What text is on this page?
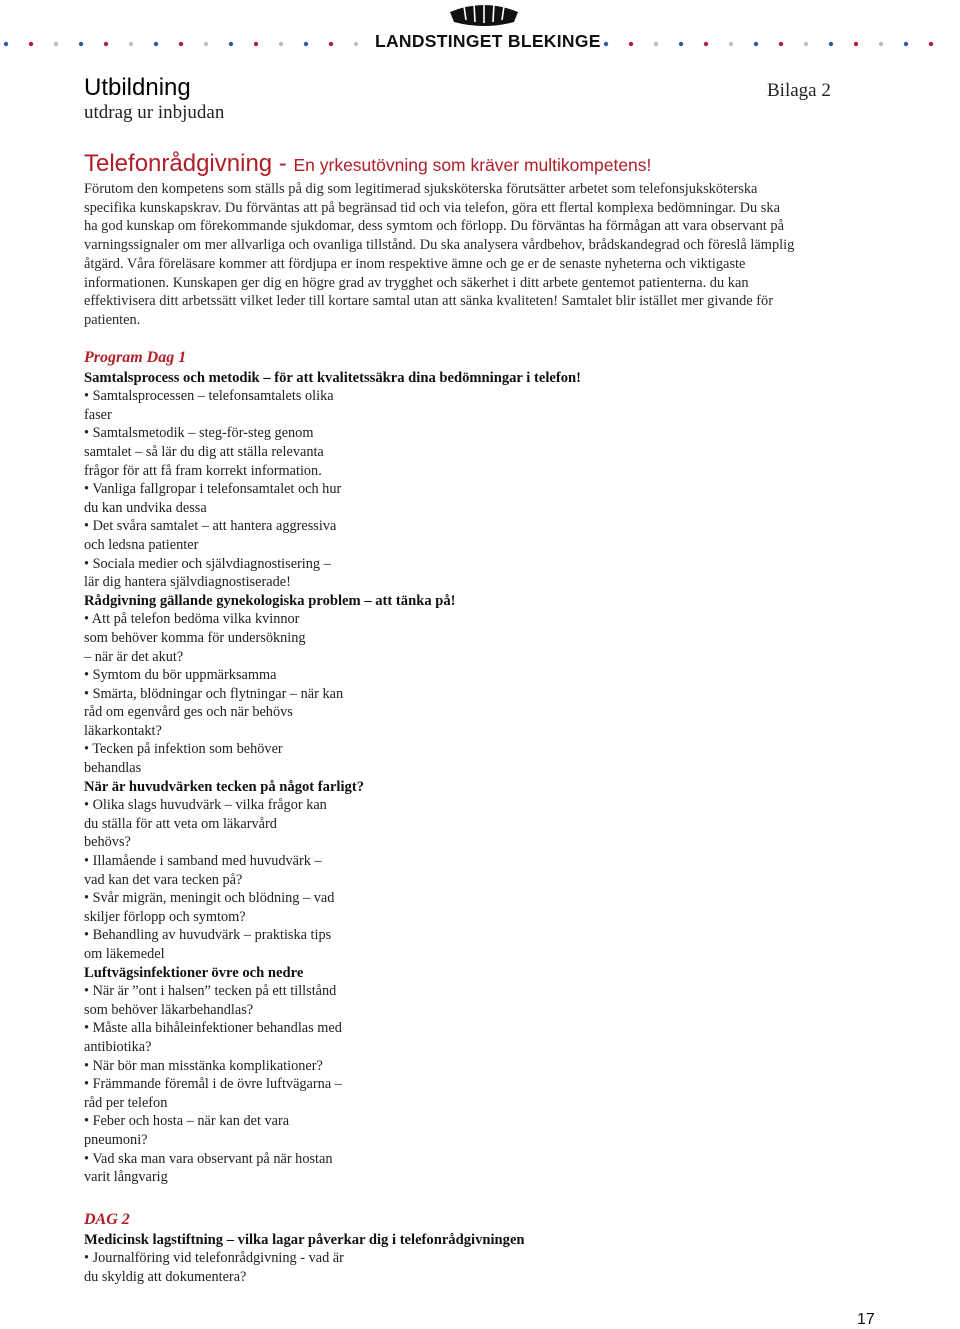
LANDSTINGET BLEKINGE
Utbildning
utdrag ur inbjudan
Bilaga 2
Telefonrådgivning - En yrkesutövning som kräver multikompetens!
Förutom den kompetens som ställs på dig som legitimerad sjuksköterska förutsätter arbetet som telefonsjuksköterska
specifika kunskapskrav. Du förväntas att på begränsad tid och via telefon, göra ett flertal komplexa bedömningar. Du ska
ha god kunskap om förekommande sjukdomar, dess symtom och förlopp. Du förväntas ha förmågan att vara observant på
varningssignaler om mer allvarliga och ovanliga tillstånd. Du ska analysera vårdbehov, brådskandegrad och föreslå lämplig
åtgärd. Våra föreläsare kommer att fördjupa er inom respektive ämne och ge er de senaste nyheterna och viktigaste
informationen. Kunskapen ger dig en högre grad av trygghet och säkerhet i ditt arbete gentemot patienterna. du kan
effektivisera ditt arbetssätt vilket leder till kortare samtal utan att sänka kvaliteten! Samtalet blir istället mer givande för
patienten.
Program Dag 1
Samtalsprocess och metodik – för att kvalitetssäkra dina bedömningar i telefon!
• Samtalsprocessen – telefonsamtalets olika
faser
• Samtalsmetodik – steg-för-steg genom
samtalet – så lär du dig att ställa relevanta
frågor för att få fram korrekt information.
• Vanliga fallgropar i telefonsamtalet och hur
du kan undvika dessa
• Det svåra samtalet – att hantera aggressiva
och ledsna patienter
• Sociala medier och självdiagnostisering –
lär dig hantera självdiagnostiserade!
Rådgivning gällande gynekologiska problem – att tänka på!
• Att på telefon bedöma vilka kvinnor
som behöver komma för undersökning
– när är det akut?
• Symtom du bör uppmärksamma
• Smärta, blödningar och flytningar – när kan
råd om egenvård ges och när behövs
läkarkontakt?
• Tecken på infektion som behöver
behandlas
När är huvudvärken tecken på något farligt?
• Olika slags huvudvärk – vilka frågor kan
du ställa för att veta om läkarvård
behövs?
• Illamående i samband med huvudvärk –
vad kan det vara tecken på?
• Svår migrän, meningit och blödning – vad
skiljer förlopp och symtom?
• Behandling av huvudvärk – praktiska tips
om läkemedel
Luftvägsinfektioner övre och nedre
• När är ”ont i halsen” tecken på ett tillstånd
som behöver läkarbehandlas?
• Måste alla bihåleinfektioner behandlas med
antibiotika?
• När bör man misstänka komplikationer?
• Främmande föremål i de övre luftvägarna –
råd per telefon
• Feber och hosta – när kan det vara
pneumoni?
• Vad ska man vara observant på när hostan
varit långvarig
DAG 2
Medicinsk lagstiftning – vilka lagar påverkar dig i telefonrådgivningen
• Journalföring vid telefonrådgivning - vad är
du skyldig att dokumentera?
17
